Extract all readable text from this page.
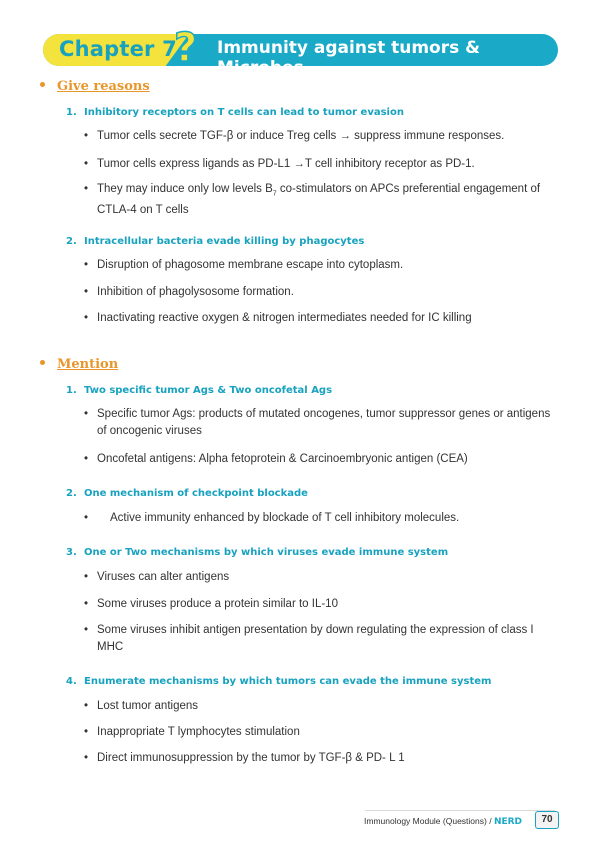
Chapter 7
? Immunity against tumors & Microbes
Give reasons
1. Inhibitory receptors on T cells can lead to tumor evasion
• Tumor cells secrete TGF-β or induce Treg cells → suppress immune responses.
• Tumor cells express ligands as PD-L1 →T cell inhibitory receptor as PD-1.
• They may induce only low levels $B_7$ co-stimulators on APCs preferential engagement of CTLA-4 on T cells
2. Intracellular bacteria evade killing by phagocytes
• Disruption of phagosome membrane escape into cytoplasm.
• Inhibition of phagolysosome formation.
• Inactivating reactive oxygen & nitrogen intermediates needed for IC killing
Mention
1. Two specific tumor Ags & Two oncofetal Ags
• Specific tumor Ags: products of mutated oncogenes, tumor suppressor genes or antigens of oncogenic viruses
• Oncofetal antigens: Alpha fetoprotein & Carcinoembryonic antigen (CEA)
2. One mechanism of checkpoint blockade
• Active immunity enhanced by blockade of T cell inhibitory molecules.
3. One or Two mechanisms by which viruses evade immune system
• Viruses can alter antigens
• Some viruses produce a protein similar to IL-10
• Some viruses inhibit antigen presentation by down regulating the expression of class I MHC
4. Enumerate mechanisms by which tumors can evade the immune system
• Lost tumor antigens
• Inappropriate T lymphocytes stimulation
• Direct immunosuppression by the tumor by TGF-β & PD- L 1
Immunology Module (Questions) / NERD	70
